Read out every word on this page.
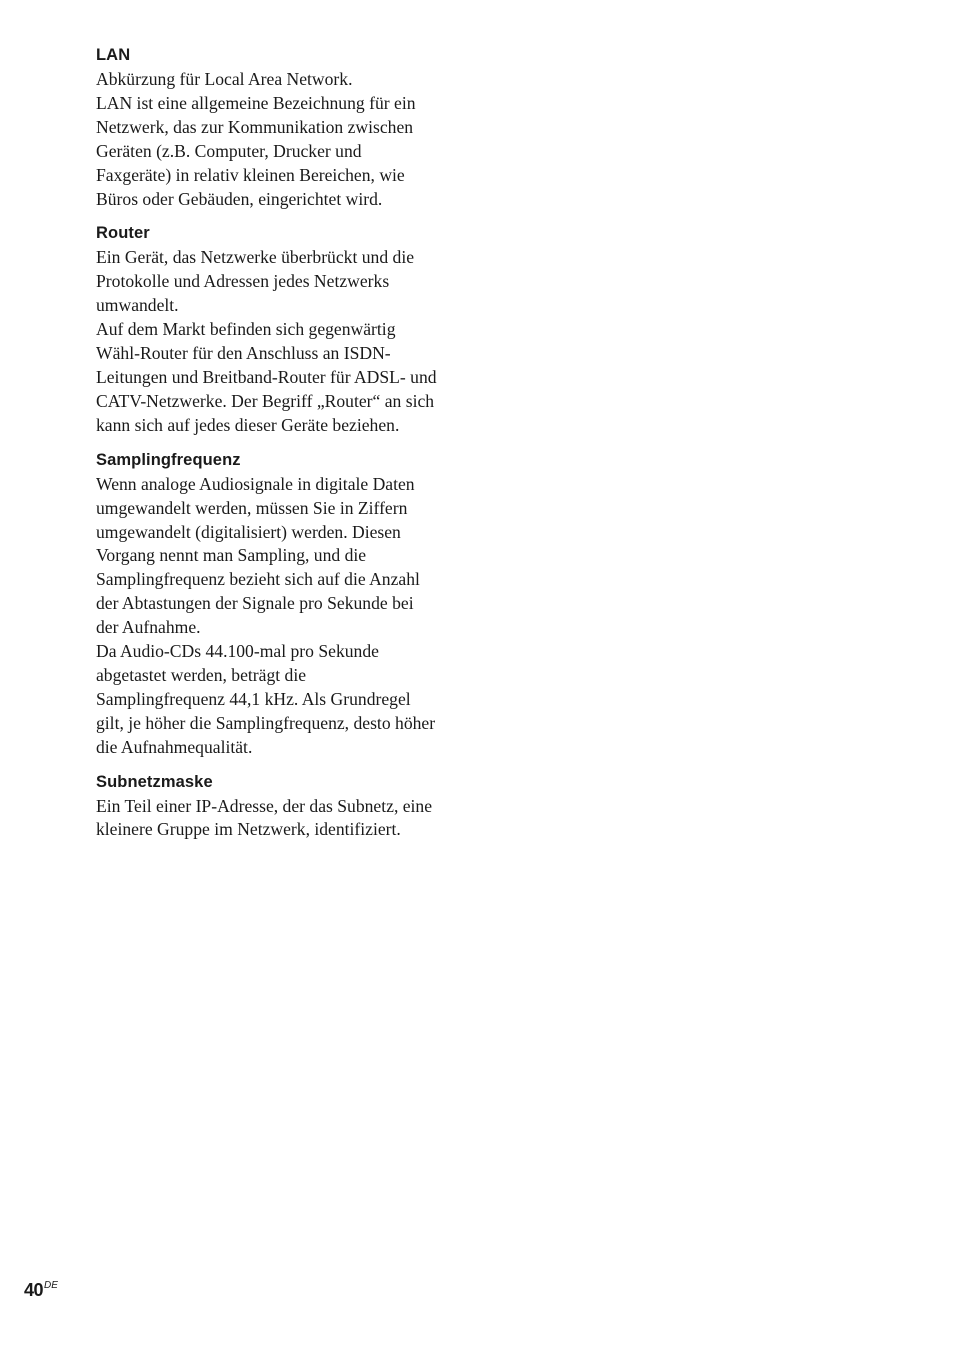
LAN
Abkürzung für Local Area Network.
LAN ist eine allgemeine Bezeichnung für ein
Netzwerk, das zur Kommunikation zwischen
Geräten (z.B. Computer, Drucker und
Faxgeräte) in relativ kleinen Bereichen, wie
Büros oder Gebäuden, eingerichtet wird.
Router
Ein Gerät, das Netzwerke überbrückt und die
Protokolle und Adressen jedes Netzwerks
umwandelt.
Auf dem Markt befinden sich gegenwärtig
Wähl-Router für den Anschluss an ISDN-
Leitungen und Breitband-Router für ADSL- und
CATV-Netzwerke. Der Begriff „Router“ an sich
kann sich auf jedes dieser Geräte beziehen.
Samplingfrequenz
Wenn analoge Audiosignale in digitale Daten
umgewandelt werden, müssen Sie in Ziffern
umgewandelt (digitalisiert) werden. Diesen
Vorgang nennt man Sampling, und die
Samplingfrequenz bezieht sich auf die Anzahl
der Abtastungen der Signale pro Sekunde bei
der Aufnahme.
Da Audio-CDs 44.100-mal pro Sekunde
abgetastet werden, beträgt die
Samplingfrequenz 44,1 kHz. Als Grundregel
gilt, je höher die Samplingfrequenz, desto höher
die Aufnahmequalität.
Subnetzmaske
Ein Teil einer IP-Adresse, der das Subnetz, eine
kleinere Gruppe im Netzwerk, identifiziert.
40DE
